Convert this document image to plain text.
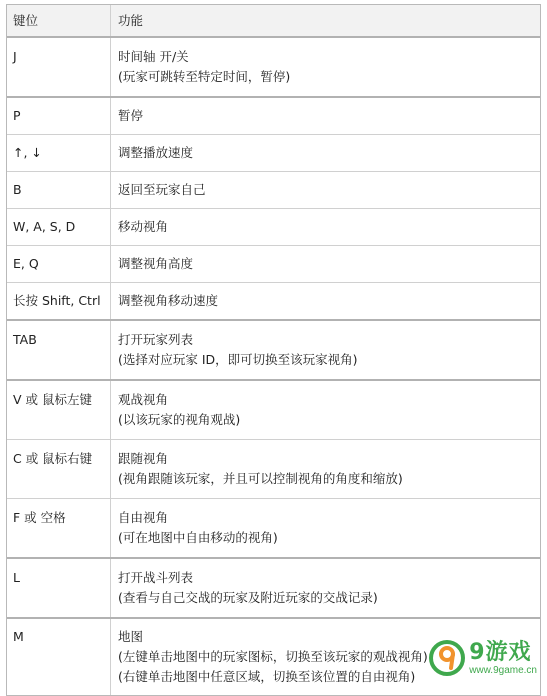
键位	功能
J	时间轴 开/关
(玩家可跳转至特定时间，暂停)
P	暂停
↑, ↓	调整播放速度
B	返回至玩家自己
W, A, S, D	移动视角
E, Q	调整视角高度
长按 Shift, Ctrl	调整视角移动速度
TAB	打开玩家列表
(选择对应玩家 ID，即可切换至该玩家视角)
V 或 鼠标左键	观战视角
(以该玩家的视角观战)
C 或 鼠标右键	跟随视角
(视角跟随该玩家，并且可以控制视角的角度和缩放)
F 或 空格	自由视角
(可在地图中自由移动的视角)
L	打开战斗列表
(查看与自己交战的玩家及附近玩家的交战记录)
M	地图
(左键单击地图中的玩家图标，切换至该玩家的观战视角)
(右键单击地图中任意区域，切换至该位置的自由视角)
9游戏
www.9game.cn
